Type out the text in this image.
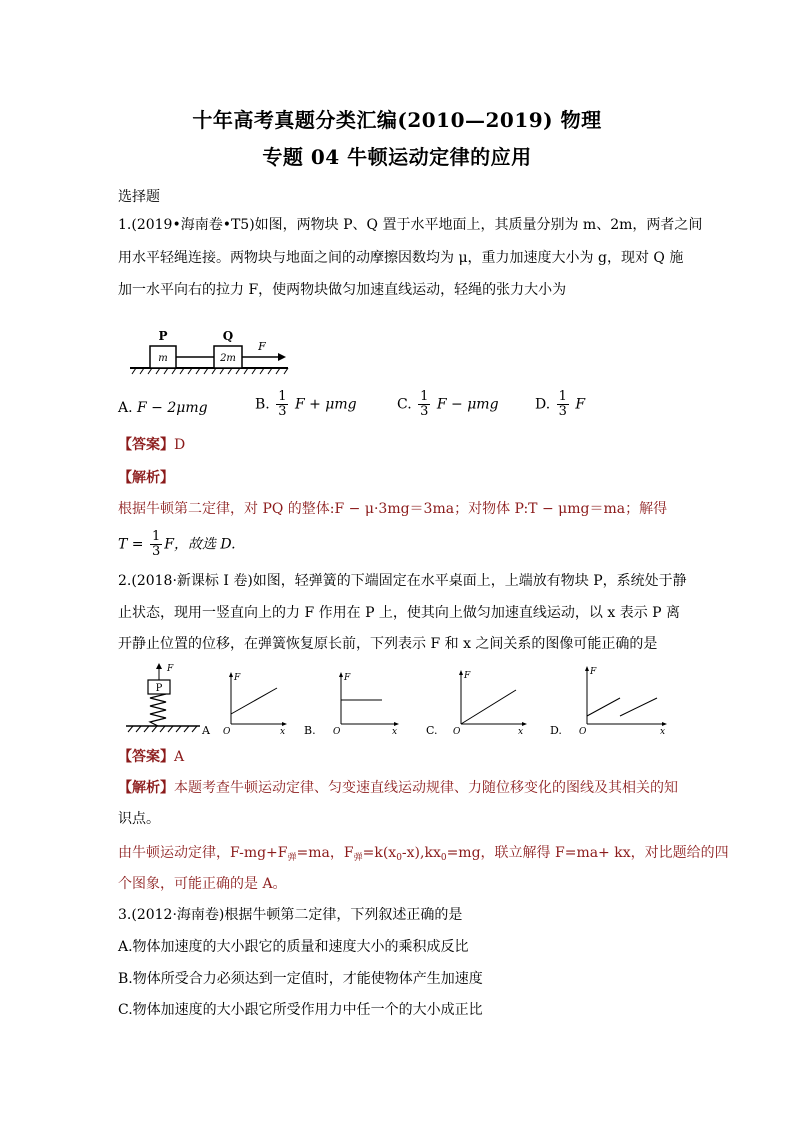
十年高考真题分类汇编(2010—2019) 物理
专题 04 牛顿运动定律的应用
选择题
1.(2019•海南卷•T5)如图，两物块 P、Q 置于水平地面上，其质量分别为 m、2m，两者之间
用水平轻绳连接。两物块与地面之间的动摩擦因数均为 μ，重力加速度大小为 g，现对 Q 施
加一水平向右的拉力 F，使两物块做匀加速直线运动，轻绳的张力大小为
m
P
2m
Q
F
A. F − 2μmg	B. $\frac{1}{3}$ F + μmg	C. $\frac{1}{3}$ F − μmg	D. $\frac{1}{3}$ F
【答案】D
【解析】
根据牛顿第二定律，对 PQ 的整体:F − μ·3mg＝3ma；对物体 P:T − μmg＝ma；解得
$T = \frac{1}{3}$ F，故选 D.
2.(2018·新课标 I 卷)如图，轻弹簧的下端固定在水平桌面上，上端放有物块 P，系统处于静
止状态，现用一竖直向上的力 F 作用在 P 上，使其向上做匀加速直线运动，以 x 表示 P 离
开静止位置的位移，在弹簧恢复原长前，下列表示 F 和 x 之间关系的图像可能正确的是
P
F
A
F
x
O	B.
F
x
O	C.
F
x
O	D.
F
x
O
【答案】A
【解析】本题考查牛顿运动定律、匀变速直线运动规律、力随位移变化的图线及其相关的知
识点。
由牛顿运动定律，$F-mg+F_弹=ma$，$F_弹=k(x_0-x),kx_0=mg$，联立解得 F=ma+ kx，对比题给的四
个图象，可能正确的是 A。
3.(2012·海南卷)根据牛顿第二定律，下列叙述正确的是
A.物体加速度的大小跟它的质量和速度大小的乘积成反比
B.物体所受合力必须达到一定值时，才能使物体产生加速度
C.物体加速度的大小跟它所受作用力中任一个的大小成正比
